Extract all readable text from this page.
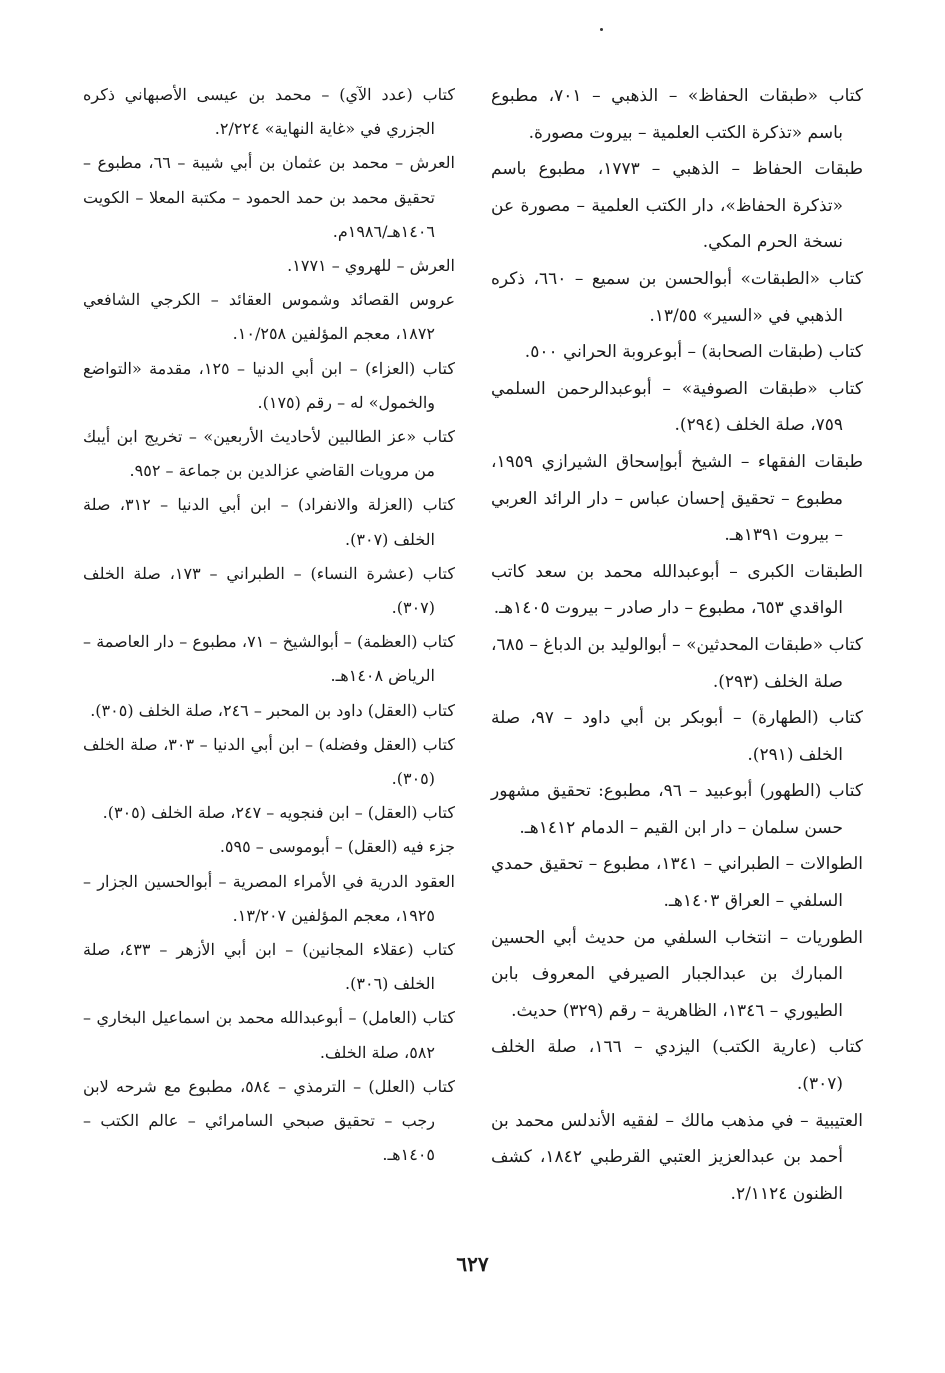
كتاب «طبقات الحفاظ» – الذهبي – ٧٠١، مطبوع باسم «تذكرة الكتب العلمية – بيروت مصورة.

طبقات الحفاظ – الذهبي – ١٧٧٣، مطبوع باسم «تذكرة الحفاظ»، دار الكتب العلمية – مصورة عن نسخة الحرم المكي.

كتاب «الطبقات» أبوالحسن بن سميع – ٦٦٠، ذكره الذهبي في «السير» ١٣/٥٥.

كتاب (طبقات الصحابة) – أبوعروبة الحراني ٥٠٠.

كتاب «طبقات الصوفية» – أبوعبدالرحمن السلمي ٧٥٩، صلة الخلف (٢٩٤).

طبقات الفقهاء – الشيخ أبوإسحاق الشيرازي ١٩٥٩، مطبوع – تحقيق إحسان عباس – دار الرائد العربي – بيروت ١٣٩١هـ.

الطبقات الكبرى – أبوعبدالله محمد بن سعد كاتب الواقدي ٦٥٣، مطبوع – دار صادر – بيروت ١٤٠٥هـ.

كتاب «طبقات المحدثين» – أبوالوليد بن الدباغ – ٦٨٥، صلة الخلف (٢٩٣).

كتاب (الطهارة) – أبوبكر بن أبي داود – ٩٧، صلة الخلف (٢٩١).

كتاب (الطهور) أبوعبيد – ٩٦، مطبوع: تحقيق مشهور حسن سلمان – دار ابن القيم – الدمام ١٤١٢هـ.

الطوالات – الطبراني – ١٣٤١، مطبوع – تحقيق حمدي السلفي – العراق ١٤٠٣هـ.

الطوريات – انتخاب السلفي من حديث أبي الحسين المبارك بن عبدالجبار الصيرفي المعروف بابن الطيوري – ١٣٤٦، الظاهرية – رقم (٣٢٩) حديث.

كتاب (عارية الكتب) اليزدي – ١٦٦، صلة الخلف (٣٠٧).

العتيبية – في مذهب مالك – لفقيه الأندلس محمد بن أحمد بن عبدالعزيز العتبي القرطبي ١٨٤٢، كشف الظنون ٢/١١٢٤.

كتاب (عدد الآي) – محمد بن عيسى الأصبهاني ذكره الجزري في «غاية النهاية» ٢/٢٢٤.

العرش – محمد بن عثمان بن أبي شيبة – ٦٦، مطبوع – تحقيق محمد بن حمد الحمود – مكتبة المعلا – الكويت ١٤٠٦هـ/١٩٨٦م.

العرش – للهروي – ١٧٧١.

عروس القصائد وشموس العقائد – الكرجي الشافعي ١٨٧٢، معجم المؤلفين ١٠/٢٥٨.

كتاب (العزاء) – ابن أبي الدنيا – ١٢٥، مقدمة «التواضع والخمول» له – رقم (١٧٥).

كتاب «عز الطالبين لأحاديث الأربعين» – تخريج ابن أيبك من مرويات القاضي عزالدين بن جماعة – ٩٥٢.

كتاب (العزلة والانفراد) – ابن أبي الدنيا – ٣١٢، صلة الخلف (٣٠٧).

كتاب (عشرة النساء) – الطبراني – ١٧٣، صلة الخلف (٣٠٧).

كتاب (العظمة) – أبوالشيخ – ٧١، مطبوع – دار العاصمة – الرياض ١٤٠٨هـ.

كتاب (العقل) داود بن المحبر – ٢٤٦، صلة الخلف (٣٠٥).

كتاب (العقل وفضله) – ابن أبي الدنيا – ٣٠٣، صلة الخلف (٣٠٥).

كتاب (العقل) – ابن فنجويه – ٢٤٧، صلة الخلف (٣٠٥).

جزء فيه (العقل) – أبوموسى – ٥٩٥.

العقود الدرية في الأمراء المصرية – أبوالحسين الجزار – ١٩٢٥، معجم المؤلفين ١٣/٢٠٧.

كتاب (عقلاء المجانين) – ابن أبي الأزهر – ٤٣٣، صلة الخلف (٣٠٦).

كتاب (العامل) – أبوعبدالله محمد بن اسماعيل البخاري – ٥٨٢، صلة الخلف.

كتاب (العلل) – الترمذي – ٥٨٤، مطبوع مع شرحه لابن رجب – تحقيق صبحي السامرائي – عالم الكتب – ١٤٠٥هـ.

٦٢٧
